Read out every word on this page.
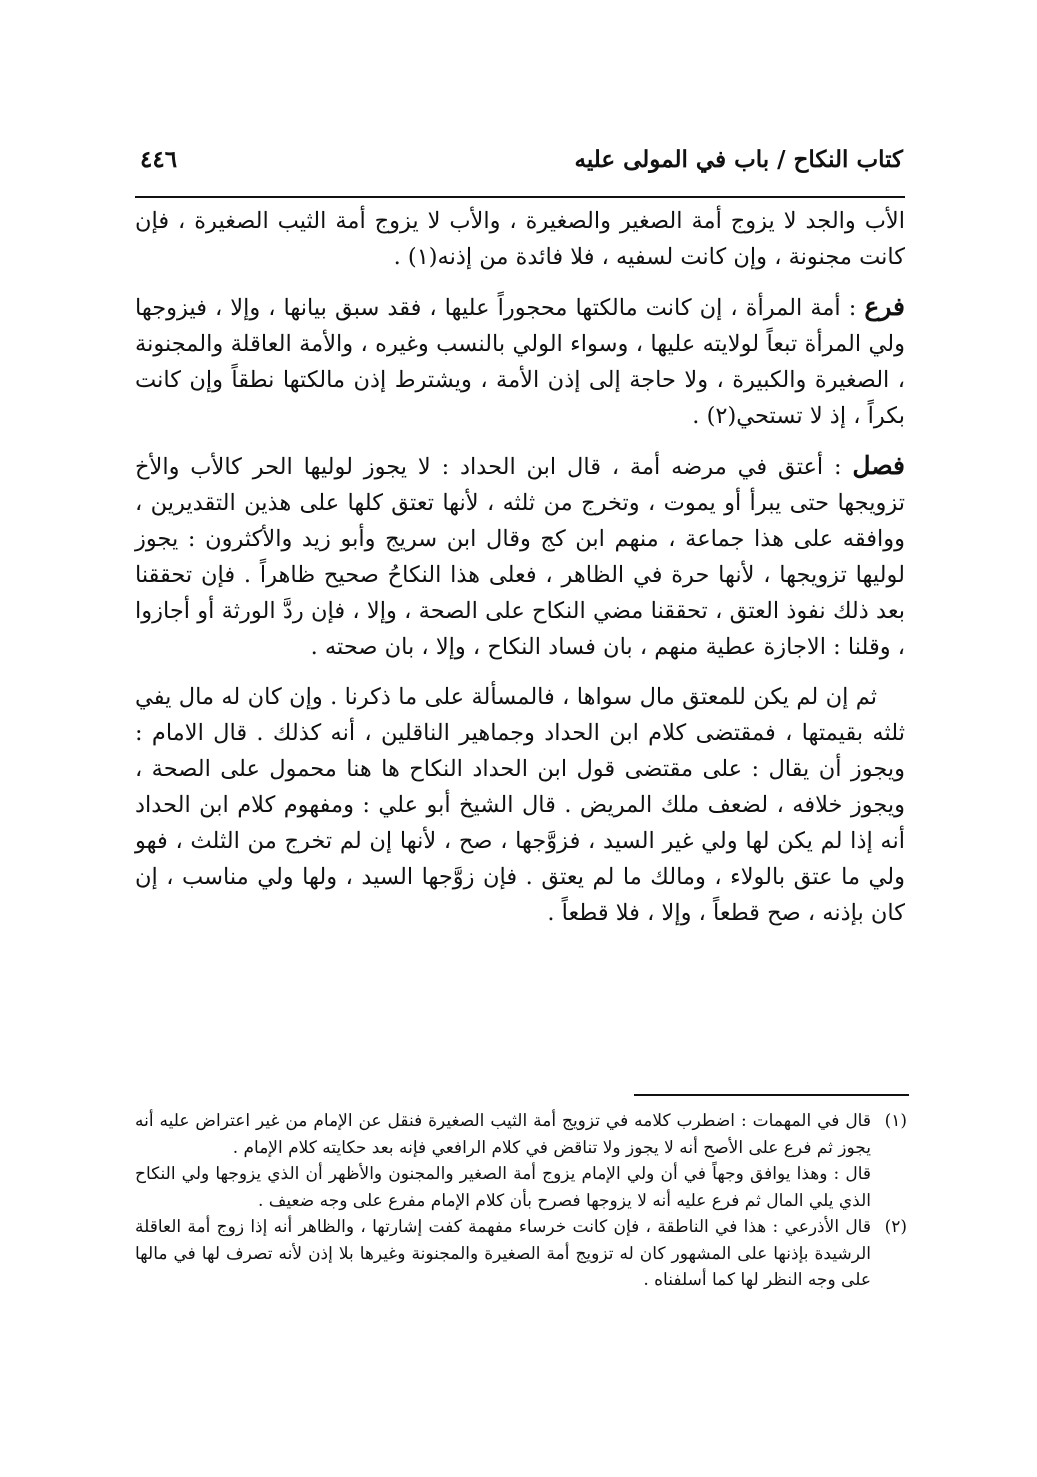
كتاب النكاح / باب في المولى عليه
٤٤٦

الأب والجد لا يزوج أمة الصغير والصغيرة ، والأب لا يزوج أمة الثيب الصغيرة ، فإن كانت مجنونة ، وإن كانت لسفيه ، فلا فائدة من إذنه(١) .

فرع : أمة المرأة ، إن كانت مالكتها محجوراً عليها ، فقد سبق بيانها ، وإلا ، فيزوجها ولي المرأة تبعاً لولايته عليها ، وسواء الولي بالنسب وغيره ، والأمة العاقلة والمجنونة ، الصغيرة والكبيرة ، ولا حاجة إلى إذن الأمة ، ويشترط إذن مالكتها نطقاً وإن كانت بكراً ، إذ لا تستحي(٢) .

فصل : أعتق في مرضه أمة ، قال ابن الحداد : لا يجوز لوليها الحر كالأب والأخ تزويجها حتى يبرأ أو يموت ، وتخرج من ثلثه ، لأنها تعتق كلها على هذين التقديرين ، ووافقه على هذا جماعة ، منهم ابن كج وقال ابن سريج وأبو زيد والأكثرون : يجوز لوليها تزويجها ، لأنها حرة في الظاهر ، فعلى هذا النكاحُ صحيح ظاهراً . فإن تحققنا بعد ذلك نفوذ العتق ، تحققنا مضي النكاح على الصحة ، وإلا ، فإن ردَّ الورثة أو أجازوا ، وقلنا : الاجازة عطية منهم ، بان فساد النكاح ، وإلا ، بان صحته .

ثم إن لم يكن للمعتق مال سواها ، فالمسألة على ما ذكرنا . وإن كان له مال يفي ثلثه بقيمتها ، فمقتضى كلام ابن الحداد وجماهير الناقلين ، أنه كذلك . قال الامام : ويجوز أن يقال : على مقتضى قول ابن الحداد النكاح ها هنا محمول على الصحة ، ويجوز خلافه ، لضعف ملك المريض . قال الشيخ أبو علي : ومفهوم كلام ابن الحداد أنه إذا لم يكن لها ولي غير السيد ، فزوَّجها ، صح ، لأنها إن لم تخرج من الثلث ، فهو ولي ما عتق بالولاء ، ومالك ما لم يعتق . فإن زوَّجها السيد ، ولها ولي مناسب ، إن كان بإذنه ، صح قطعاً ، وإلا ، فلا قطعاً .

(١)
قال في المهمات : اضطرب كلامه في تزويج أمة الثيب الصغيرة فنقل عن الإمام من غير اعتراض عليه أنه يجوز ثم فرع على الأصح أنه لا يجوز ولا تناقض في كلام الرافعي فإنه بعد حكايته كلام الإمام .
قال : وهذا يوافق وجهاً في أن ولي الإمام يزوج أمة الصغير والمجنون والأظهر أن الذي يزوجها ولي النكاح الذي يلي المال ثم فرع عليه أنه لا يزوجها فصرح بأن كلام الإمام مفرع على وجه ضعيف .
(٢)
قال الأذرعي : هذا في الناطقة ، فإن كانت خرساء مفهمة كفت إشارتها ، والظاهر أنه إذا زوج أمة العاقلة الرشيدة بإذنها على المشهور كان له تزويج أمة الصغيرة والمجنونة وغيرها بلا إذن لأنه تصرف لها في مالها على وجه النظر لها كما أسلفناه .
